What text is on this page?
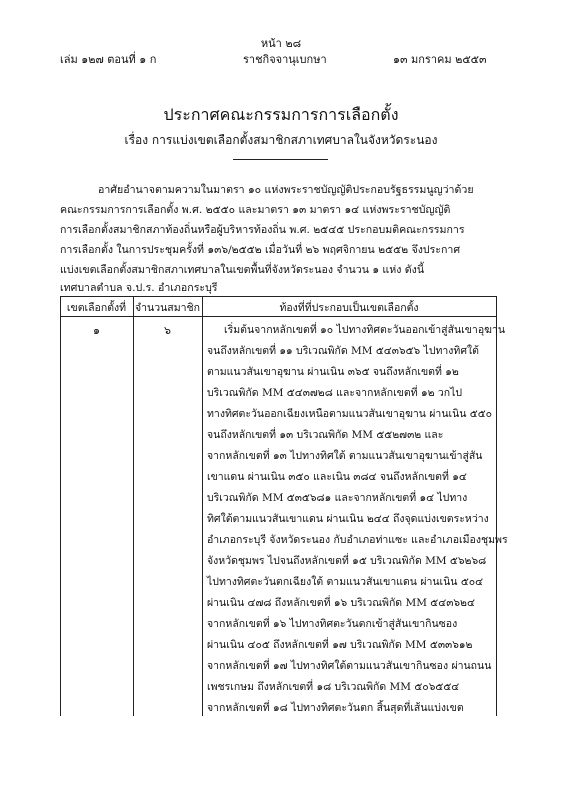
หน้า ๒๘
เล่ม ๑๒๗ ตอนที่ ๑ ก	ราชกิจจานุเบกษา	๑๓ มกราคม ๒๕๕๓
ประกาศคณะกรรมการการเลือกตั้ง
เรื่อง การแบ่งเขตเลือกตั้งสมาชิกสภาเทศบาลในจังหวัดระนอง
อาศัยอำนาจตามความในมาตรา ๑๐ แห่งพระราชบัญญัติประกอบรัฐธรรมนูญว่าด้วย
คณะกรรมการการเลือกตั้ง พ.ศ. ๒๕๕๐ และมาตรา ๑๓ มาตรา ๑๔ แห่งพระราชบัญญัติ
การเลือกตั้งสมาชิกสภาท้องถิ่นหรือผู้บริหารท้องถิ่น พ.ศ. ๒๕๔๕ ประกอบมติคณะกรรมการ
การเลือกตั้ง ในการประชุมครั้งที่ ๑๓๖/๒๕๕๒ เมื่อวันที่ ๒๖ พฤศจิกายน ๒๕๕๒ จึงประกาศ
แบ่งเขตเลือกตั้งสมาชิกสภาเทศบาลในเขตพื้นที่จังหวัดระนอง จำนวน ๑ แห่ง ดังนี้
เทศบาลตำบล จ.ป.ร. อำเภอกระบุรี
เขตเลือกตั้งที่ จำนวนสมาชิก	ท้องที่ที่ประกอบเป็นเขตเลือกตั้ง
๑	๖	เริ่มต้นจากหลักเขตที่ ๑๐ ไปทางทิศตะวันออกเข้าสู่สันเขาอุฆาน
จนถึงหลักเขตที่ ๑๑ บริเวณพิกัด MM ๕๔๓๖๕๖ ไปทางทิศใต้
ตามแนวสันเขาอุฆาน ผ่านเนิน ๓๖๕ จนถึงหลักเขตที่ ๑๒
บริเวณพิกัด MM ๕๔๓๗๒๘ และจากหลักเขตที่ ๑๒ วกไป
ทางทิศตะวันออกเฉียงเหนือตามแนวสันเขาอุฆาน ผ่านเนิน ๕๕๐
จนถึงหลักเขตที่ ๑๓ บริเวณพิกัด MM ๕๕๒๗๓๒ และ
จากหลักเขตที่ ๑๓ ไปทางทิศใต้ ตามแนวสันเขาอุฆานเข้าสู่สัน
เขาแดน ผ่านเนิน ๓๕๐ และเนิน ๓๘๔ จนถึงหลักเขตที่ ๑๔
บริเวณพิกัด MM ๕๓๕๖๘๑ และจากหลักเขตที่ ๑๔ ไปทาง
ทิศใต้ตามแนวสันเขาแดน ผ่านเนิน ๒๔๔ ถึงจุดแบ่งเขตระหว่าง
อำเภอกระบุรี จังหวัดระนอง กับอำเภอท่าแซะ และอำเภอเมืองชุมพร
จังหวัดชุมพร ไปจนถึงหลักเขตที่ ๑๕ บริเวณพิกัด MM ๕๖๒๖๘
ไปทางทิศตะวันตกเฉียงใต้ ตามแนวสันเขาแดน ผ่านเนิน ๕๐๔
ผ่านเนิน ๔๗๘ ถึงหลักเขตที่ ๑๖ บริเวณพิกัด MM ๕๔๓๖๒๔
จากหลักเขตที่ ๑๖ ไปทางทิศตะวันตกเข้าสู่สันเขากินซอง
ผ่านเนิน ๔๐๕ ถึงหลักเขตที่ ๑๗ บริเวณพิกัด MM ๕๓๓๖๑๒
จากหลักเขตที่ ๑๗ ไปทางทิศใต้ตามแนวสันเขากินซอง ผ่านถนน
เพชรเกษม ถึงหลักเขตที่ ๑๘ บริเวณพิกัด MM ๕๐๖๕๕๔
จากหลักเขตที่ ๑๘ ไปทางทิศตะวันตก สิ้นสุดที่เส้นแบ่งเขต
